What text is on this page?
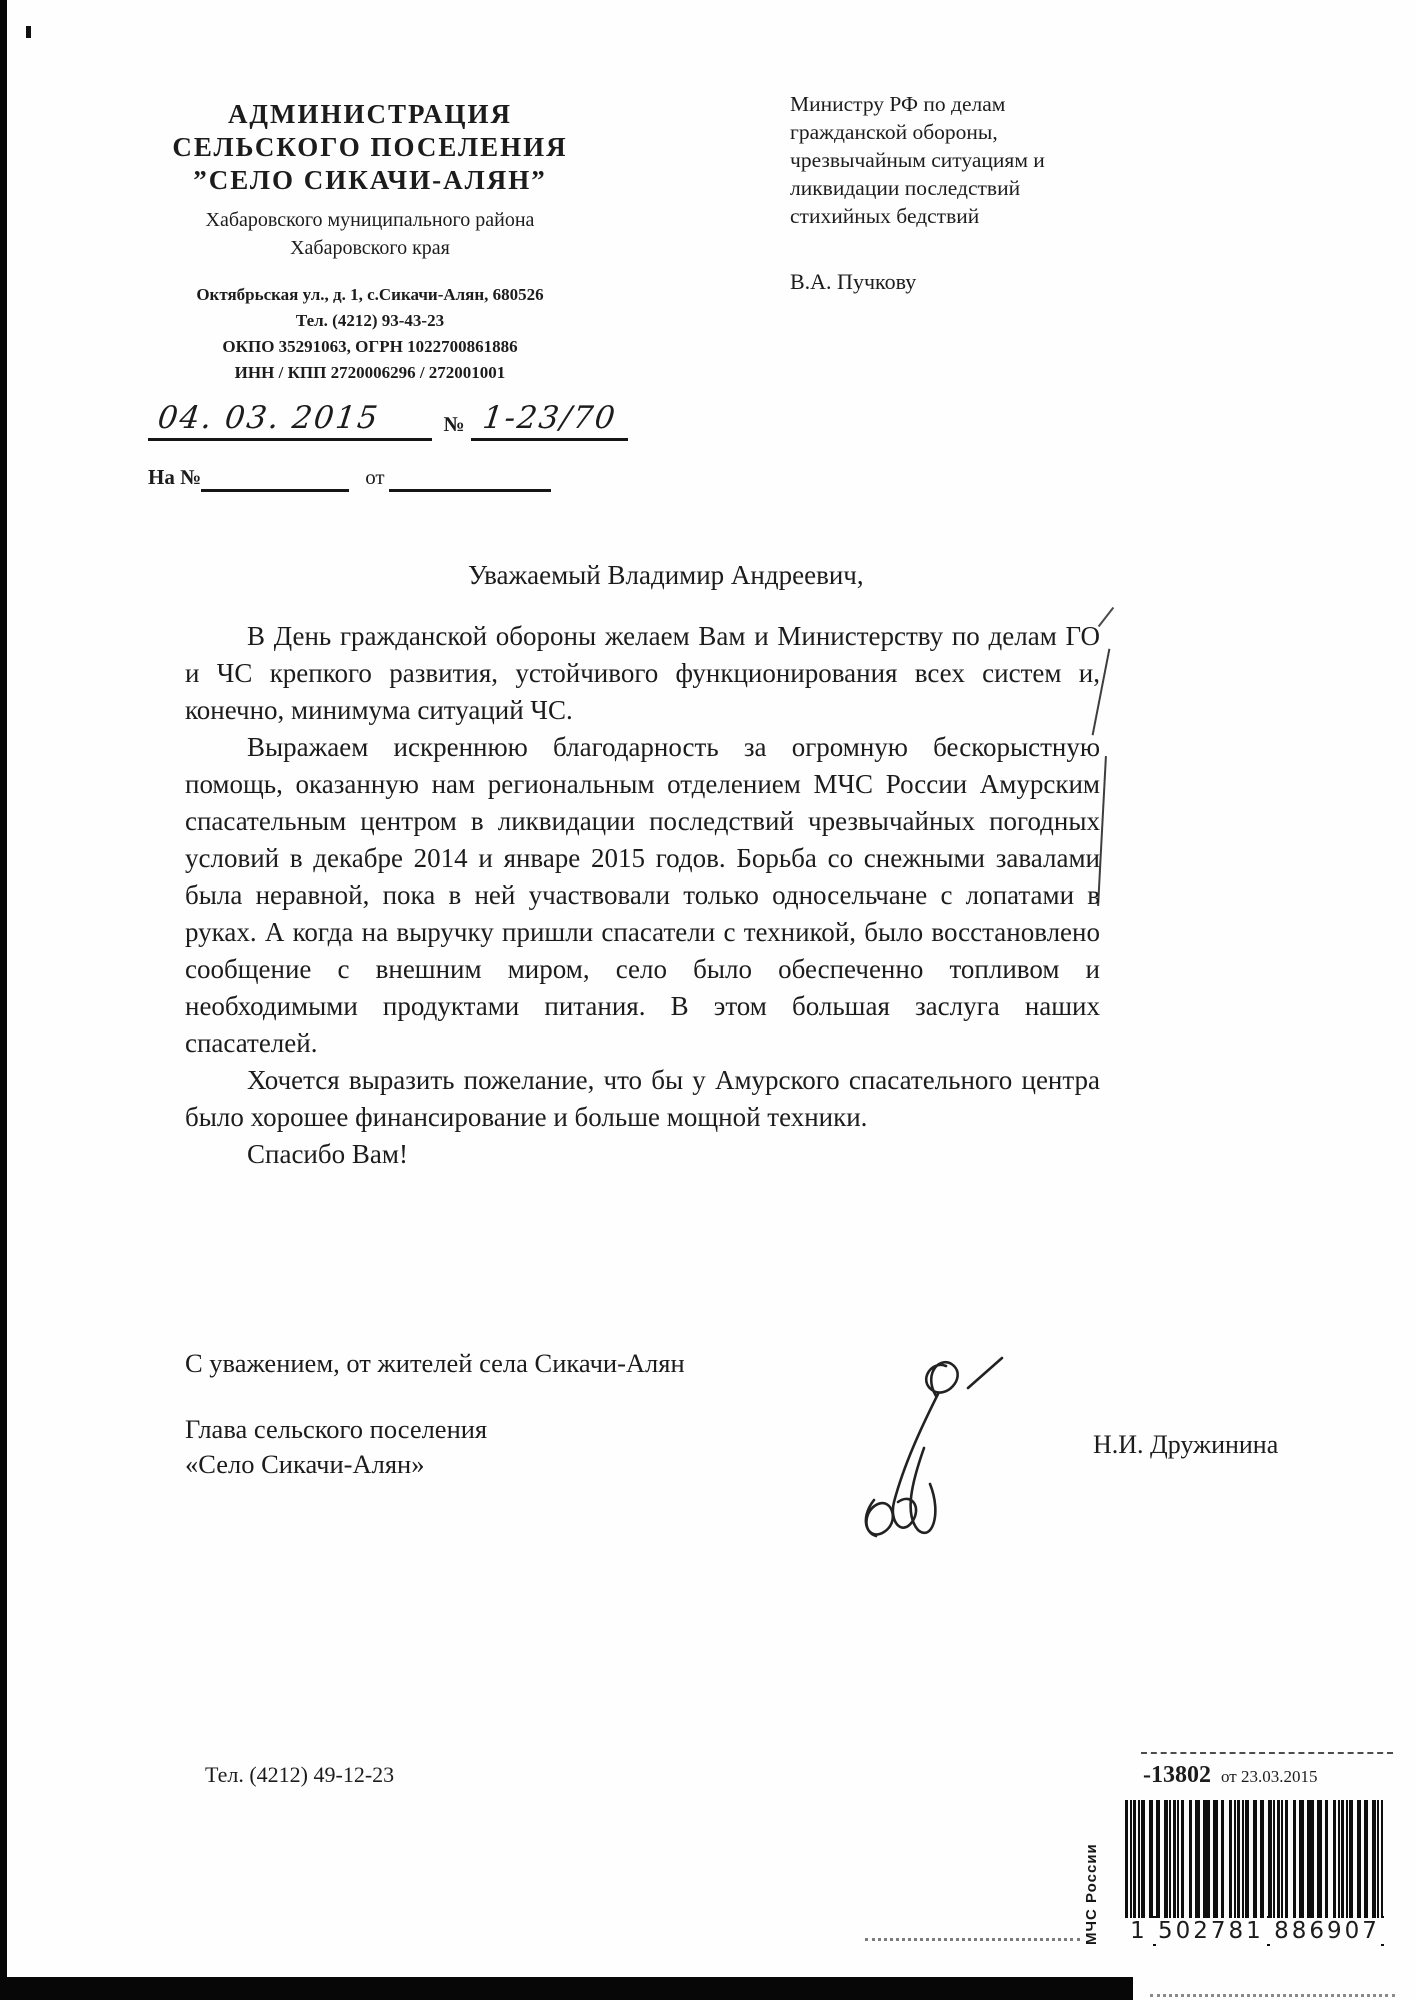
АДМИНИСТРАЦИЯ
СЕЛЬСКОГО ПОСЕЛЕНИЯ
”СЕЛО СИКАЧИ-АЛЯН”
Хабаровского муниципального района
Хабаровского края
Октябрьская ул., д. 1, с.Сикачи-Алян, 680526
Тел. (4212) 93-43-23
ОКПО 35291063, ОГРН 1022700861886
ИНН / КПП 2720006296 / 272001001
04. 03. 2015	№ 1-23/70
На №	от
Министру РФ по делам гражданской обороны, чрезвычайным ситуациям и ликвидации последствий стихийных бедствий
В.А. Пучкову
Уважаемый Владимир Андреевич,

В День гражданской обороны желаем Вам и Министерству по делам ГО и ЧС крепкого развития, устойчивого функционирования всех систем и, конечно, минимума ситуаций ЧС.

Выражаем искреннюю благодарность за огромную бескорыстную помощь, оказанную нам региональным отделением МЧС России Амурским спасательным центром в ликвидации последствий чрезвычайных погодных условий в декабре 2014 и январе 2015 годов. Борьба со снежными завалами была неравной, пока в ней участвовали только односельчане с лопатами в руках. А когда на выручку пришли спасатели с техникой, было восстановлено сообщение с внешним миром, село было обеспеченно топливом и необходимыми продуктами питания. В этом большая заслуга наших спасателей.

Хочется выразить пожелание, что бы у Амурского спасательного центра было хорошее финансирование и больше мощной техники.

Спасибо Вам!

С уважением, от жителей села Сикачи-Алян
Глава сельского поселения
«Село Сикачи-Алян»
Н.И. Дружинина
Тел. (4212) 49-12-23	-13802 от 23.03.2015
МЧС России	1 502781 886907
